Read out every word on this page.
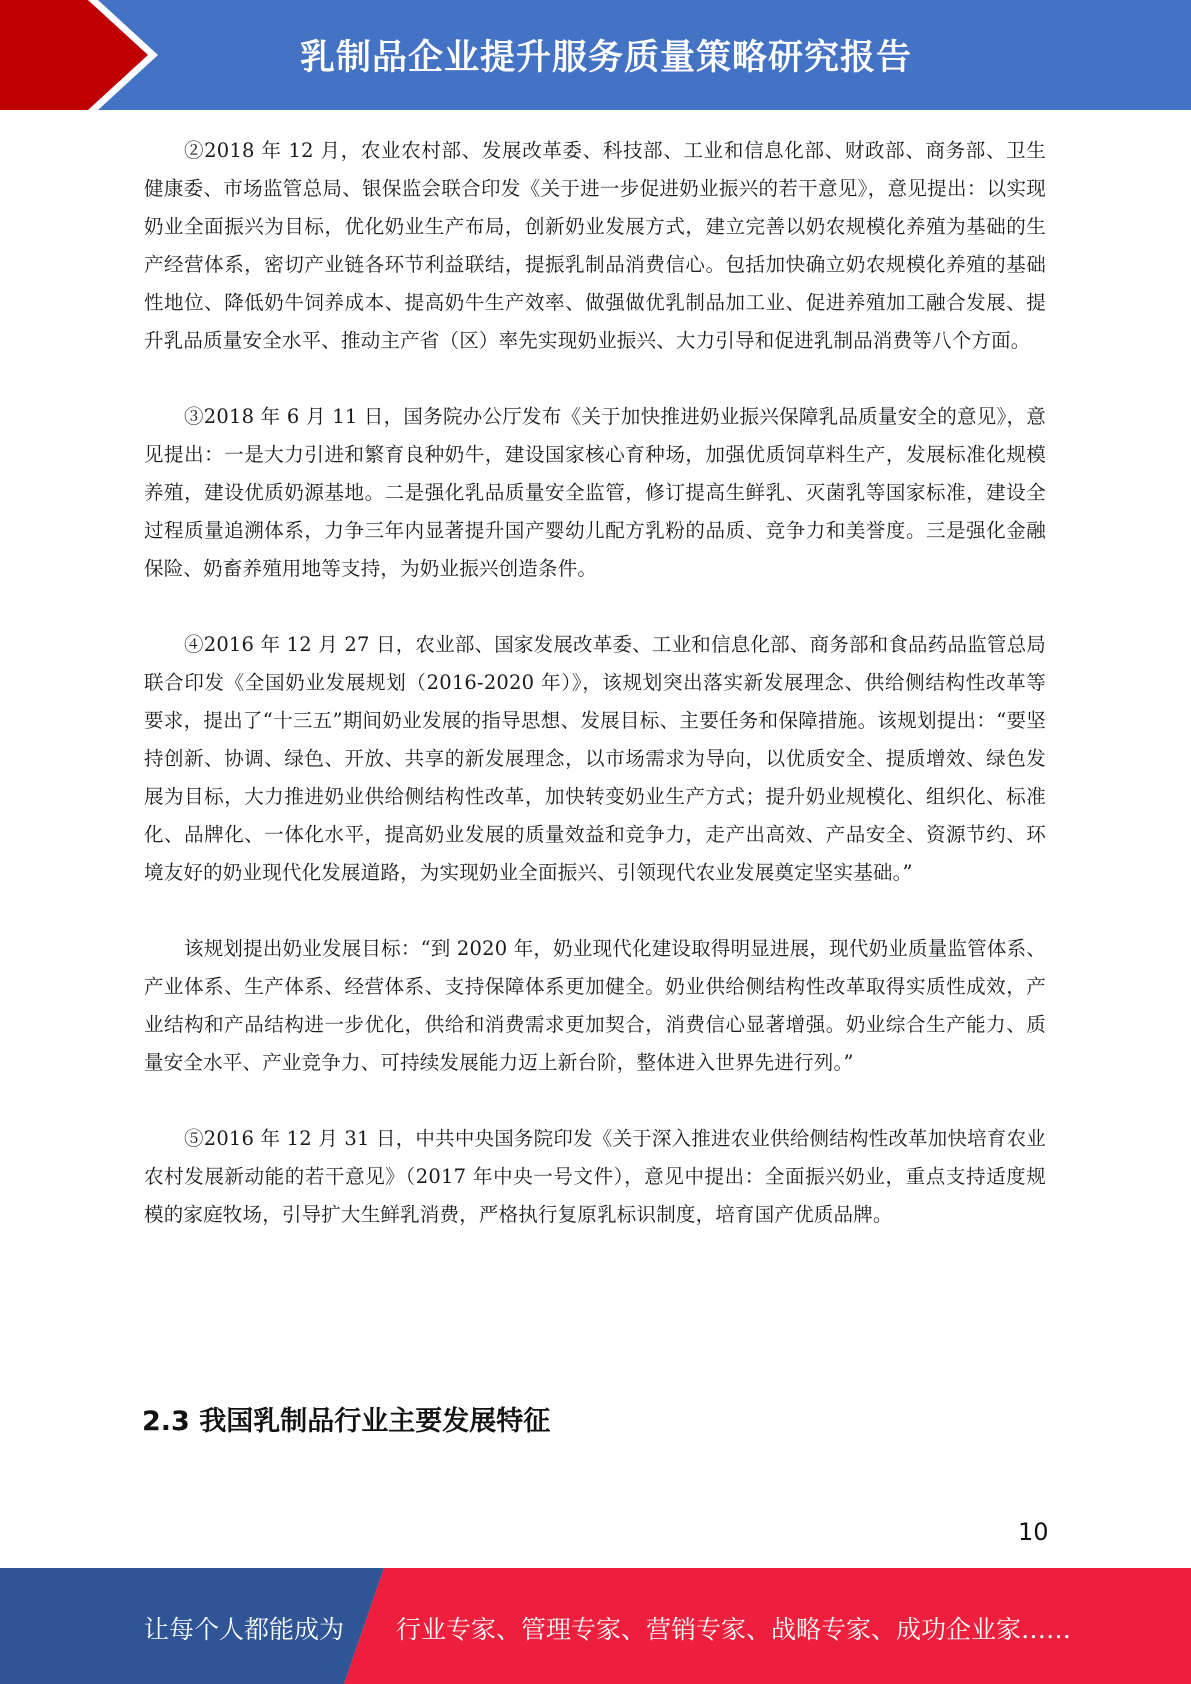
乳制品企业提升服务质量策略研究报告

②2018 年 12 月，农业农村部、发展改革委、科技部、工业和信息化部、财政部、商务部、卫生健康委、市场监管总局、银保监会联合印发《关于进一步促进奶业振兴的若干意见》，意见提出：以实现奶业全面振兴为目标，优化奶业生产布局，创新奶业发展方式，建立完善以奶农规模化养殖为基础的生产经营体系，密切产业链各环节利益联结，提振乳制品消费信心。包括加快确立奶农规模化养殖的基础性地位、降低奶牛饲养成本、提高奶牛生产效率、做强做优乳制品加工业、促进养殖加工融合发展、提升乳品质量安全水平、推动主产省（区）率先实现奶业振兴、大力引导和促进乳制品消费等八个方面。

③2018 年 6 月 11 日，国务院办公厅发布《关于加快推进奶业振兴保障乳品质量安全的意见》，意见提出：一是大力引进和繁育良种奶牛，建设国家核心育种场，加强优质饲草料生产，发展标准化规模养殖，建设优质奶源基地。二是强化乳品质量安全监管，修订提高生鲜乳、灭菌乳等国家标准，建设全过程质量追溯体系，力争三年内显著提升国产婴幼儿配方乳粉的品质、竞争力和美誉度。三是强化金融保险、奶畜养殖用地等支持，为奶业振兴创造条件。

④2016 年 12 月 27 日，农业部、国家发展改革委、工业和信息化部、商务部和食品药品监管总局联合印发《全国奶业发展规划（2016-2020 年）》，该规划突出落实新发展理念、供给侧结构性改革等要求，提出了“十三五”期间奶业发展的指导思想、发展目标、主要任务和保障措施。该规划提出：“要坚持创新、协调、绿色、开放、共享的新发展理念，以市场需求为导向，以优质安全、提质增效、绿色发展为目标，大力推进奶业供给侧结构性改革，加快转变奶业生产方式；提升奶业规模化、组织化、标准化、品牌化、一体化水平，提高奶业发展的质量效益和竞争力，走产出高效、产品安全、资源节约、环境友好的奶业现代化发展道路，为实现奶业全面振兴、引领现代农业发展奠定坚实基础。”

该规划提出奶业发展目标：“到 2020 年，奶业现代化建设取得明显进展，现代奶业质量监管体系、产业体系、生产体系、经营体系、支持保障体系更加健全。奶业供给侧结构性改革取得实质性成效，产业结构和产品结构进一步优化，供给和消费需求更加契合，消费信心显著增强。奶业综合生产能力、质量安全水平、产业竞争力、可持续发展能力迈上新台阶，整体进入世界先进行列。”

⑤2016 年 12 月 31 日，中共中央国务院印发《关于深入推进农业供给侧结构性改革加快培育农业农村发展新动能的若干意见》（2017 年中央一号文件），意见中提出：全面振兴奶业，重点支持适度规模的家庭牧场，引导扩大生鲜乳消费，严格执行复原乳标识制度，培育国产优质品牌。

2.3 我国乳制品行业主要发展特征
10
让每个人都能成为 行业专家、管理专家、营销专家、战略专家、成功企业家……
